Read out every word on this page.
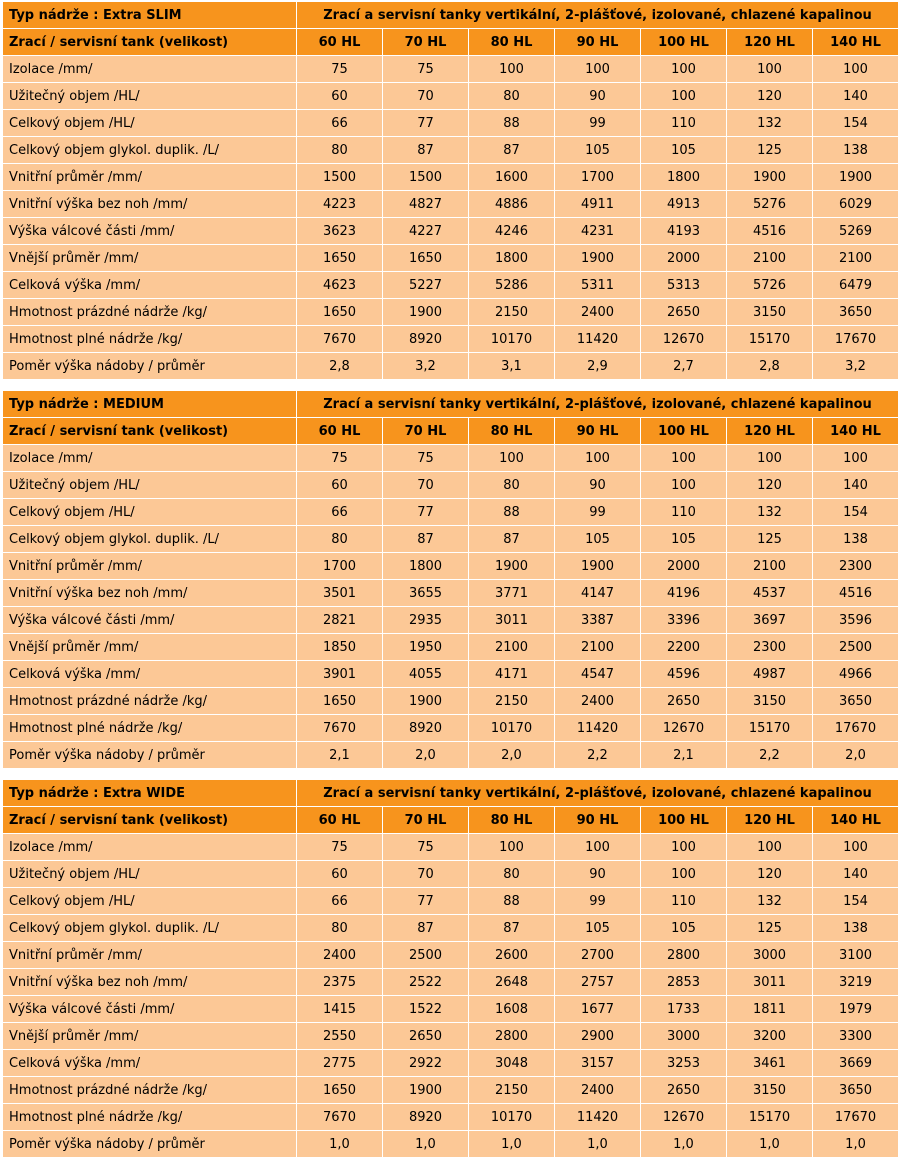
Typ nádrže : Extra SLIM	Zrací a servisní tanky vertikální, 2-plášťové, izolované, chlazené kapalinou						
Zrací / servisní tank (velikost)	60 HL	70 HL	80 HL	90 HL	100 HL	120 HL	140 HL
Izolace /mm/	75	75	100	100	100	100	100
Užitečný objem /HL/	60	70	80	90	100	120	140
Celkový objem /HL/	66	77	88	99	110	132	154
Celkový objem glykol. duplik. /L/	80	87	87	105	105	125	138
Vnitřní průměr /mm/	1500	1500	1600	1700	1800	1900	1900
Vnitřní výška bez noh /mm/	4223	4827	4886	4911	4913	5276	6029
Výška válcové části /mm/	3623	4227	4246	4231	4193	4516	5269
Vnější průměr /mm/	1650	1650	1800	1900	2000	2100	2100
Celková výška /mm/	4623	5227	5286	5311	5313	5726	6479
Hmotnost prázdné nádrže /kg/	1650	1900	2150	2400	2650	3150	3650
Hmotnost plné nádrže /kg/	7670	8920	10170	11420	12670	15170	17670
Poměr výška nádoby / průměr	2,8	3,2	3,1	2,9	2,7	2,8	3,2
Typ nádrže : MEDIUM	Zrací a servisní tanky vertikální, 2-plášťové, izolované, chlazené kapalinou						
Zrací / servisní tank (velikost)	60 HL	70 HL	80 HL	90 HL	100 HL	120 HL	140 HL
Izolace /mm/	75	75	100	100	100	100	100
Užitečný objem /HL/	60	70	80	90	100	120	140
Celkový objem /HL/	66	77	88	99	110	132	154
Celkový objem glykol. duplik. /L/	80	87	87	105	105	125	138
Vnitřní průměr /mm/	1700	1800	1900	1900	2000	2100	2300
Vnitřní výška bez noh /mm/	3501	3655	3771	4147	4196	4537	4516
Výška válcové části /mm/	2821	2935	3011	3387	3396	3697	3596
Vnější průměr /mm/	1850	1950	2100	2100	2200	2300	2500
Celková výška /mm/	3901	4055	4171	4547	4596	4987	4966
Hmotnost prázdné nádrže /kg/	1650	1900	2150	2400	2650	3150	3650
Hmotnost plné nádrže /kg/	7670	8920	10170	11420	12670	15170	17670
Poměr výška nádoby / průměr	2,1	2,0	2,0	2,2	2,1	2,2	2,0
Typ nádrže : Extra WIDE	Zrací a servisní tanky vertikální, 2-plášťové, izolované, chlazené kapalinou						
Zrací / servisní tank (velikost)	60 HL	70 HL	80 HL	90 HL	100 HL	120 HL	140 HL
Izolace /mm/	75	75	100	100	100	100	100
Užitečný objem /HL/	60	70	80	90	100	120	140
Celkový objem /HL/	66	77	88	99	110	132	154
Celkový objem glykol. duplik. /L/	80	87	87	105	105	125	138
Vnitřní průměr /mm/	2400	2500	2600	2700	2800	3000	3100
Vnitřní výška bez noh /mm/	2375	2522	2648	2757	2853	3011	3219
Výška válcové části /mm/	1415	1522	1608	1677	1733	1811	1979
Vnější průměr /mm/	2550	2650	2800	2900	3000	3200	3300
Celková výška /mm/	2775	2922	3048	3157	3253	3461	3669
Hmotnost prázdné nádrže /kg/	1650	1900	2150	2400	2650	3150	3650
Hmotnost plné nádrže /kg/	7670	8920	10170	11420	12670	15170	17670
Poměr výška nádoby / průměr	1,0	1,0	1,0	1,0	1,0	1,0	1,0
